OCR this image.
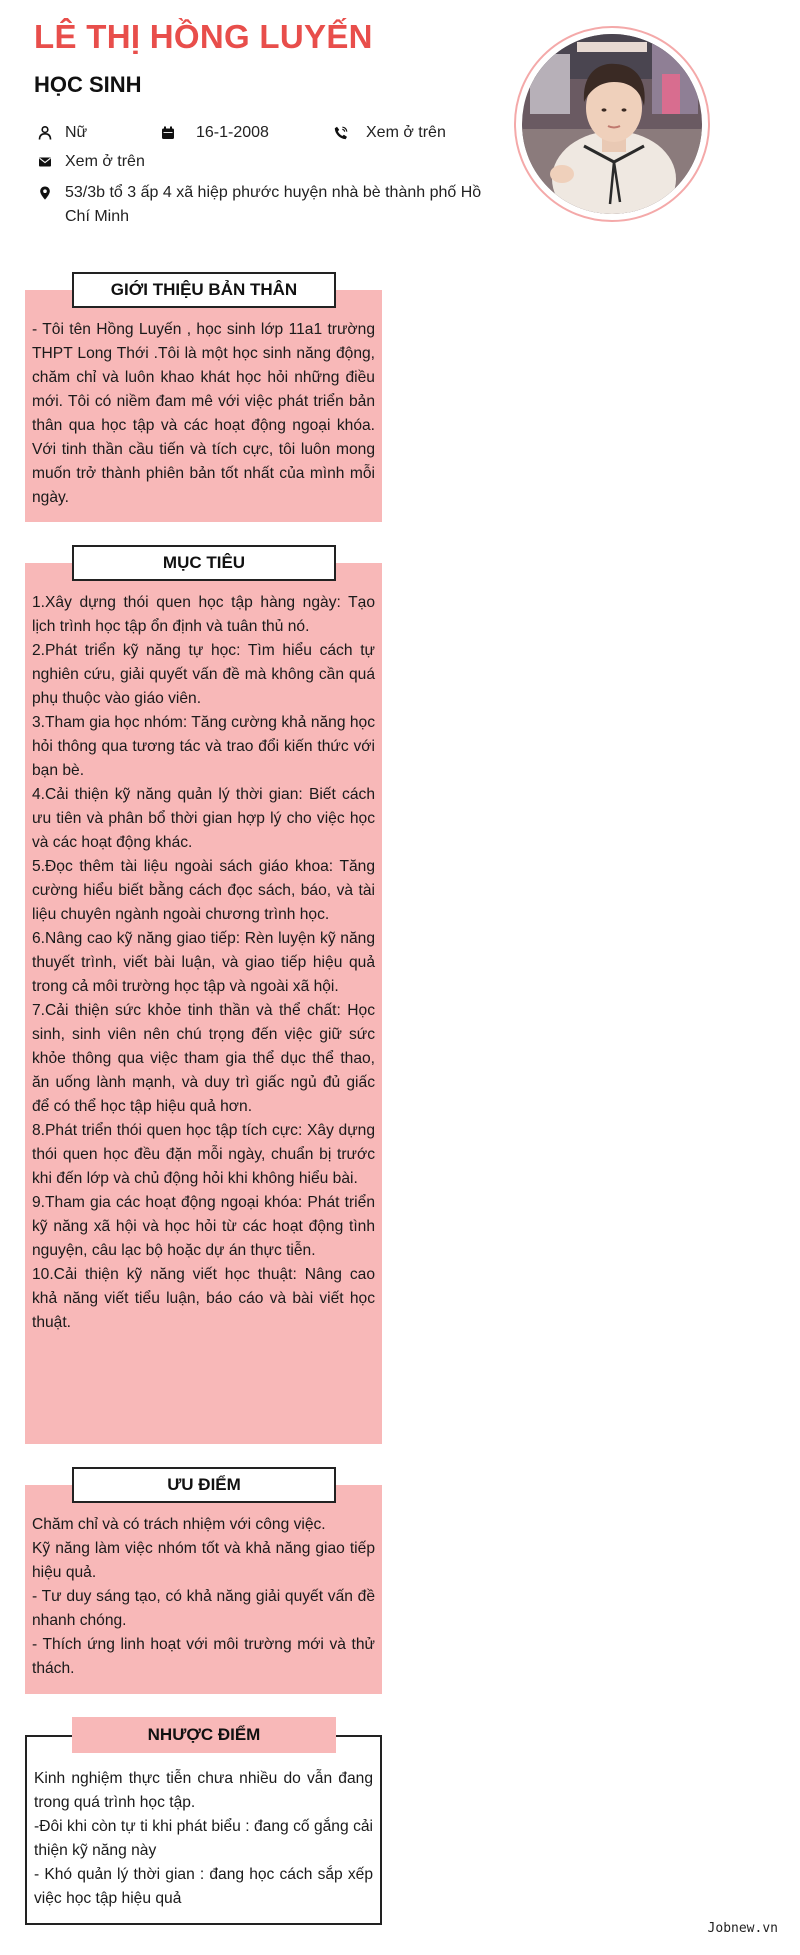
LÊ THỊ HỒNG LUYẾN
HỌC SINH
Nữ	16-1-2008	Xem ở trên
Xem ở trên
53/3b tổ 3 ấp 4 xã hiệp phước huyện nhà bè thành phố Hồ Chí Minh
GIỚI THIỆU BẢN THÂN

- Tôi tên Hồng Luyến , học sinh lớp 11a1 trường THPT Long Thới .Tôi là một học sinh năng động, chăm chỉ và luôn khao khát học hỏi những điều mới. Tôi có niềm đam mê với việc phát triển bản thân qua học tập và các hoạt động ngoại khóa. Với tinh thần cầu tiến và tích cực, tôi luôn mong muốn trở thành phiên bản tốt nhất của mình mỗi ngày.

MỤC TIÊU

1.Xây dựng thói quen học tập hàng ngày: Tạo lịch trình học tập ổn định và tuân thủ nó.

2.Phát triển kỹ năng tự học: Tìm hiểu cách tự nghiên cứu, giải quyết vấn đề mà không cần quá phụ thuộc vào giáo viên.

3.Tham gia học nhóm: Tăng cường khả năng học hỏi thông qua tương tác và trao đổi kiến thức với bạn bè.

4.Cải thiện kỹ năng quản lý thời gian: Biết cách ưu tiên và phân bổ thời gian hợp lý cho việc học và các hoạt động khác.

5.Đọc thêm tài liệu ngoài sách giáo khoa: Tăng cường hiểu biết bằng cách đọc sách, báo, và tài liệu chuyên ngành ngoài chương trình học.

6.Nâng cao kỹ năng giao tiếp: Rèn luyện kỹ năng thuyết trình, viết bài luận, và giao tiếp hiệu quả trong cả môi trường học tập và ngoài xã hội.

7.Cải thiện sức khỏe tinh thần và thể chất: Học sinh, sinh viên nên chú trọng đến việc giữ sức khỏe thông qua việc tham gia thể dục thể thao, ăn uống lành mạnh, và duy trì giấc ngủ đủ giấc để có thể học tập hiệu quả hơn.

8.Phát triển thói quen học tập tích cực: Xây dựng thói quen học đều đặn mỗi ngày, chuẩn bị trước khi đến lớp và chủ động hỏi khi không hiểu bài.

9.Tham gia các hoạt động ngoại khóa: Phát triển kỹ năng xã hội và học hỏi từ các hoạt động tình nguyện, câu lạc bộ hoặc dự án thực tiễn.

10.Cải thiện kỹ năng viết học thuật: Nâng cao khả năng viết tiểu luận, báo cáo và bài viết học thuật.

ƯU ĐIỂM

Chăm chỉ và có trách nhiệm với công việc.

Kỹ năng làm việc nhóm tốt và khả năng giao tiếp hiệu quả.

- Tư duy sáng tạo, có khả năng giải quyết vấn đề nhanh chóng.

- Thích ứng linh hoạt với môi trường mới và thử thách.

NHƯỢC ĐIỂM

Kinh nghiệm thực tiễn chưa nhiều do vẫn đang trong quá trình học tập.

-Đôi khi còn tự ti khi phát biểu : đang cố gắng cải thiện kỹ năng này

- Khó quản lý thời gian : đang học cách sắp xếp việc học tập hiệu quả

Jobnew.vn
